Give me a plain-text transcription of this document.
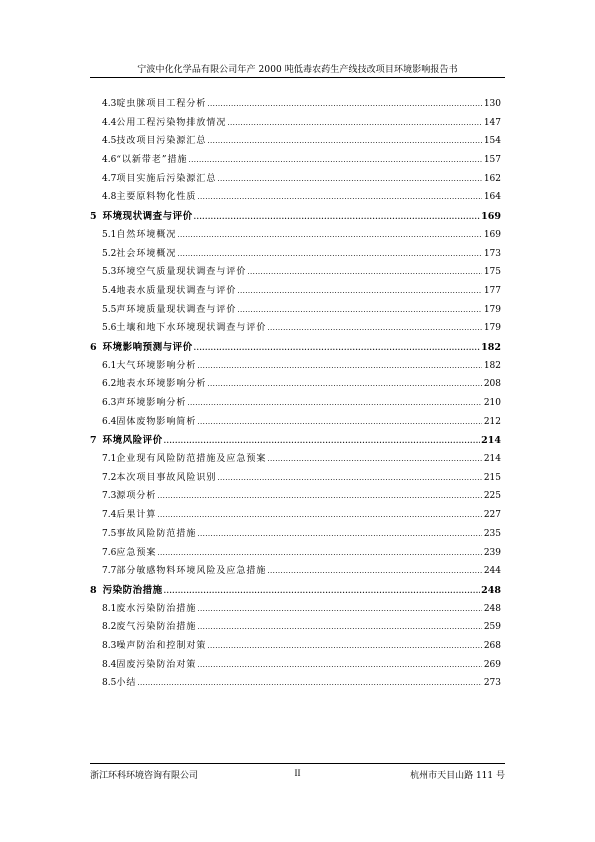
宁波中化化学品有限公司年产 2000 吨低毒农药生产线技改项目环境影响报告书
4.3 啶虫脒项目工程分析 .....	130
4.4 公用工程污染物排放情况 .....	147
4.5 技改项目污染源汇总 .....	154
4.6 “以新带老”措施 .....	157
4.7 项目实施后污染源汇总 .....	162
4.8 主要原料物化性质 .....	164
5 环境现状调查与评价 .....	169
5.1 自然环境概况 .....	169
5.2 社会环境概况 .....	173
5.3 环境空气质量现状调查与评价 .....	175
5.4 地表水质量现状调查与评价 .....	177
5.5 声环境质量现状调查与评价 .....	179
5.6 土壤和地下水环境现状调查与评价 .....	179
6 环境影响预测与评价 .....	182
6.1 大气环境影响分析 .....	182
6.2 地表水环境影响分析 .....	208
6.3 声环境影响分析 .....	210
6.4 固体废物影响简析 .....	212
7 环境风险评价 .....	214
7.1 企业现有风险防范措施及应急预案 .....	214
7.2 本次项目事故风险识别 .....	215
7.3 源项分析 .....	225
7.4 后果计算 .....	227
7.5 事故风险防范措施 .....	235
7.6 应急预案 .....	239
7.7 部分敏感物料环境风险及应急措施 .....	244
8 污染防治措施 .....	248
8.1 废水污染防治措施 .....	248
8.2 废气污染防治措施 .....	259
8.3 噪声防治和控制对策 .....	268
8.4 固废污染防治对策 .....	269
8.5 小结 .....	273
浙江环科环境咨询有限公司	II	杭州市天目山路 111 号
